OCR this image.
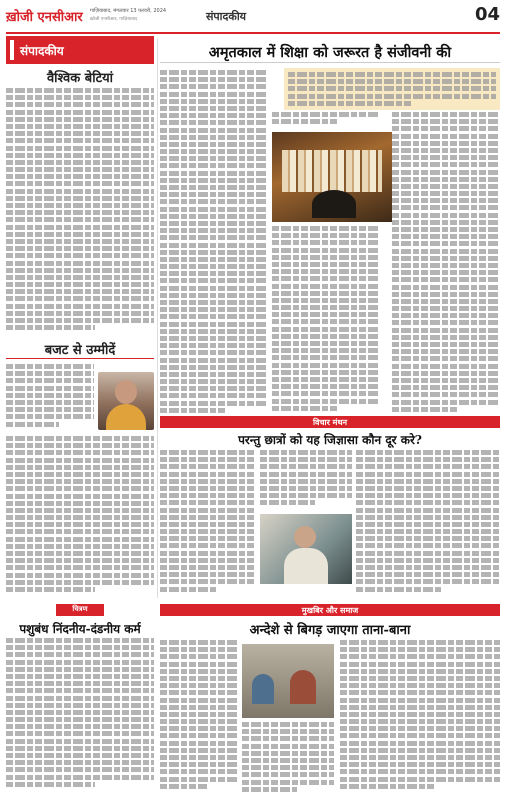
ख़ोजी एनसीआर गाज़ियाबाद, मंगलवार 13 फरवरी, 2024
ख़ोजी एनसीआर, गाज़ियाबाद	संपादकीय	04
संपादकीय
वैश्विक बेटियां
बजट से उम्मीदें
अमृतकाल में शिक्षा को जरूरत है संजीवनी की
विचार मंथन
परन्तु छात्रों को यह जिज्ञासा कौन दूर करे?
चित्रण
पशुबंध निंदनीय-दंडनीय कर्म
मुखबिर और समाज
अन्देशे से बिगड़ जाएगा ताना-बाना
